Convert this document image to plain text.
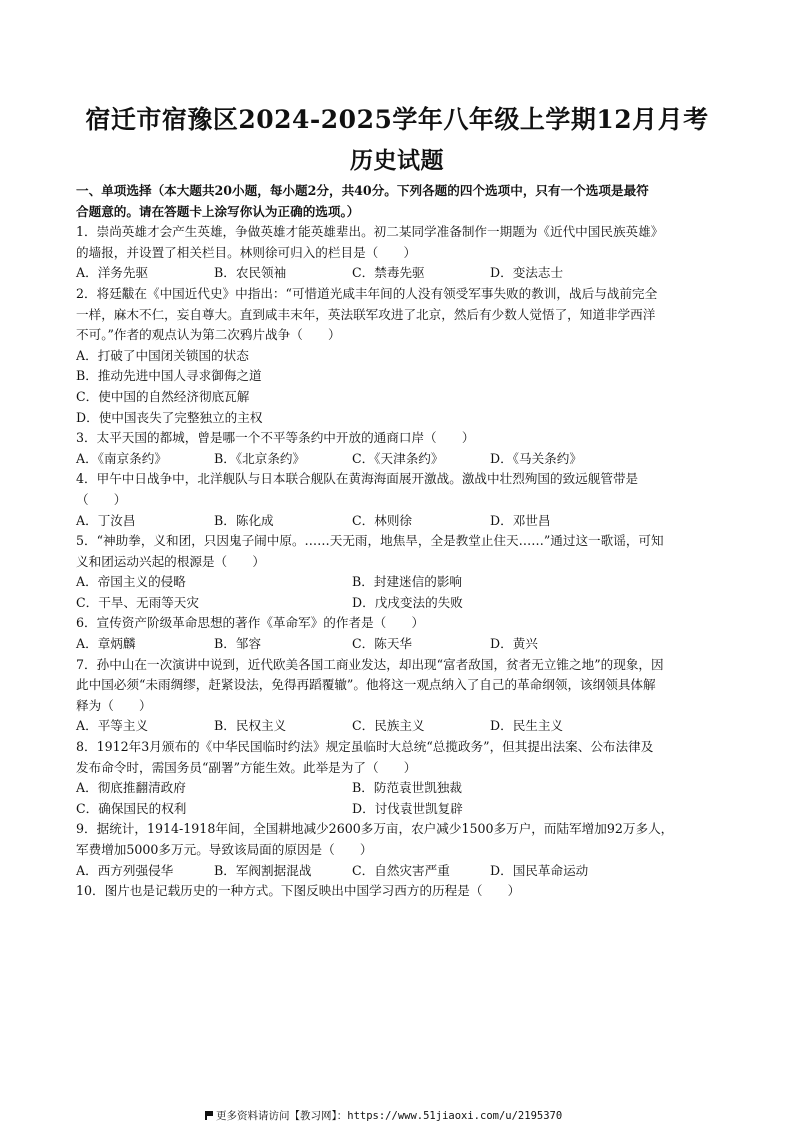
宿迁市宿豫区2024-2025学年八年级上学期12月月考
历史试题
一、单项选择（本大题共20小题，每小题2分，共40分。下列各题的四个选项中，只有一个选项是最符
合题意的。请在答题卡上涂写你认为正确的选项。）
1．崇尚英雄才会产生英雄，争做英雄才能英雄辈出。初二某同学准备制作一期题为《近代中国民族英雄》
的墙报，并设置了相关栏目。林则徐可归入的栏目是（　　）
A．洋务先驱	B．农民领袖	C．禁毒先驱	D．变法志士
2．将廷黻在《中国近代史》中指出：“可惜道光咸丰年间的人没有领受军事失败的教训，战后与战前完全
一样，麻木不仁，妄自尊大。直到咸丰末年，英法联军攻进了北京，然后有少数人觉悟了，知道非学西洋
不可。”作者的观点认为第二次鸦片战争（　　）
A．打破了中国闭关锁国的状态
B．推动先进中国人寻求御侮之道
C．使中国的自然经济彻底瓦解
D．使中国丧失了完整独立的主权
3．太平天国的都城，曾是哪一个不平等条约中开放的通商口岸（　　）
A．《南京条约》	B．《北京条约》	C．《天津条约》	D．《马关条约》
4．甲午中日战争中，北洋舰队与日本联合舰队在黄海海面展开激战。激战中壮烈殉国的致远舰管带是
（　　）
A．丁汝昌	B．陈化成	C．林则徐	D．邓世昌
5．“神助拳，义和团，只因鬼子闹中原。……天无雨，地焦旱，全是教堂止住天……”通过这一歌谣，可知
义和团运动兴起的根源是（　　）
A．帝国主义的侵略	B．封建迷信的影响
C．干旱、无雨等天灾	D．戊戌变法的失败
6．宣传资产阶级革命思想的著作《革命军》的作者是（　　）
A．章炳麟	B．邹容	C．陈天华	D．黄兴
7．孙中山在一次演讲中说到，近代欧美各国工商业发达，却出现“富者敌国，贫者无立锥之地”的现象，因
此中国必须“未雨绸缪，赶紧设法，免得再蹈覆辙”。他将这一观点纳入了自己的革命纲领，该纲领具体解
释为（　　）
A．平等主义	B．民权主义	C．民族主义	D．民生主义
8．1912年3月颁布的《中华民国临时约法》规定虽临时大总统“总揽政务”，但其提出法案、公布法律及
发布命令时，需国务员“副署”方能生效。此举是为了（　　）
A．彻底推翻清政府	B．防范袁世凯独裁
C．确保国民的权利	D．讨伐袁世凯复辟
9．据统计，1914-1918年间，全国耕地减少2600多万亩，农户减少1500多万户，而陆军增加92万多人，
军费增加5000多万元。导致该局面的原因是（　　）
A．西方列强侵华	B．军阀割据混战	C．自然灾害严重	D．国民革命运动
10．图片也是记载历史的一种方式。下图反映出中国学习西方的历程是（　　）
更多资料请访问【教习网】：https://www.51jiaoxi.com/u/2195370
